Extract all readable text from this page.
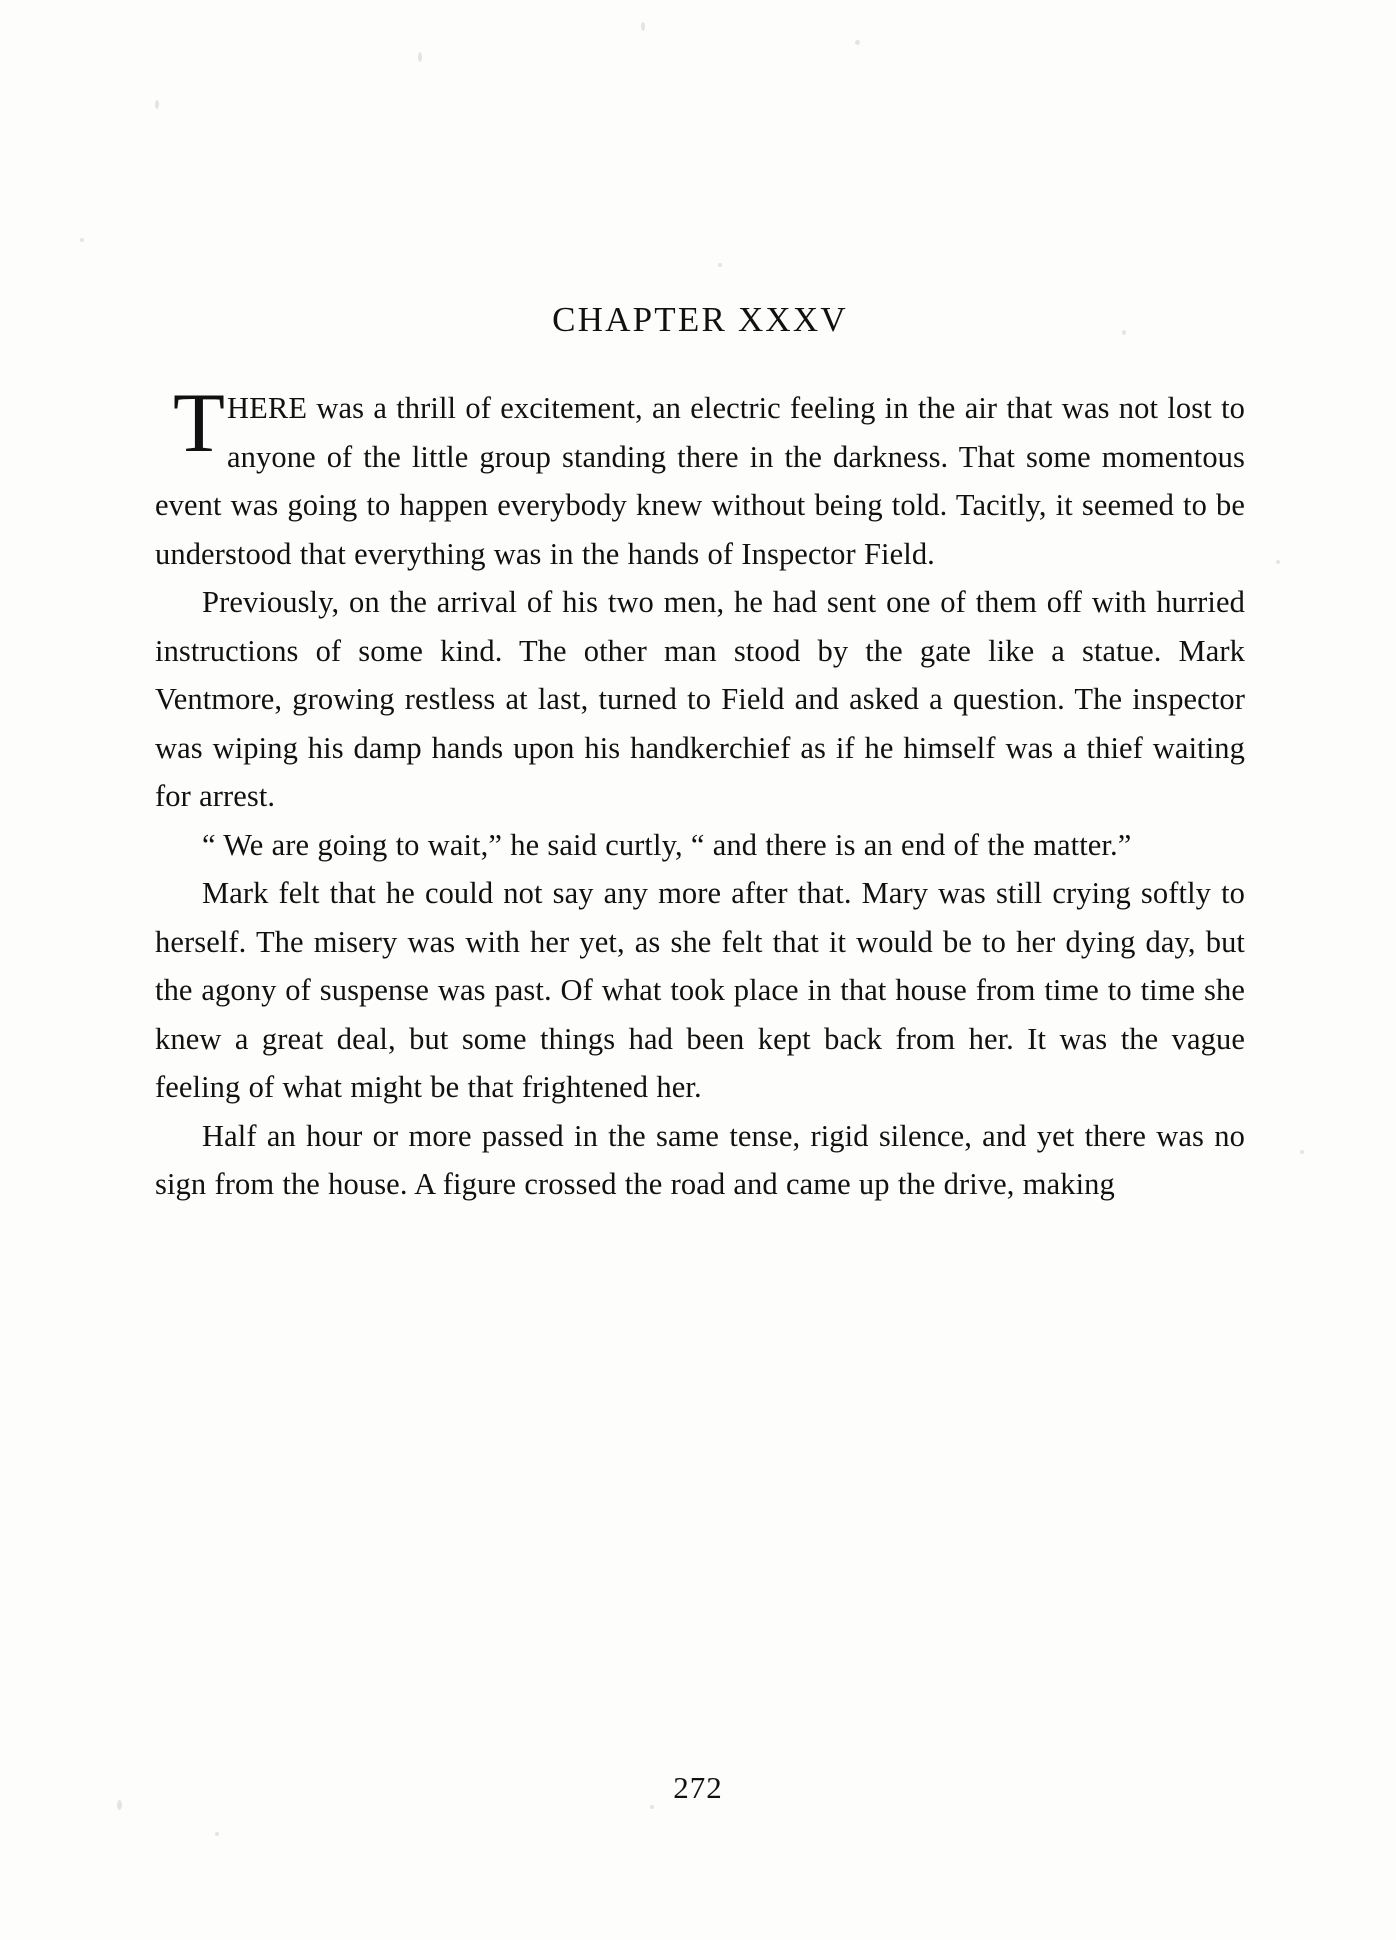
CHAPTER XXXV

THERE was a thrill of excitement, an electric feeling in the air that was not lost to anyone of the little group standing there in the darkness. That some momentous event was going to happen everybody knew without being told. Tacitly, it seemed to be understood that everything was in the hands of Inspector Field.

Previously, on the arrival of his two men, he had sent one of them off with hurried instructions of some kind. The other man stood by the gate like a statue. Mark Ventmore, growing restless at last, turned to Field and asked a question. The inspector was wiping his damp hands upon his handkerchief as if he himself was a thief waiting for arrest.

“ We are going to wait,” he said curtly, “ and there is an end of the matter.”

Mark felt that he could not say any more after that. Mary was still crying softly to herself. The misery was with her yet, as she felt that it would be to her dying day, but the agony of suspense was past. Of what took place in that house from time to time she knew a great deal, but some things had been kept back from her. It was the vague feeling of what might be that frightened her.

Half an hour or more passed in the same tense, rigid silence, and yet there was no sign from the house. A figure crossed the road and came up the drive, making

272
